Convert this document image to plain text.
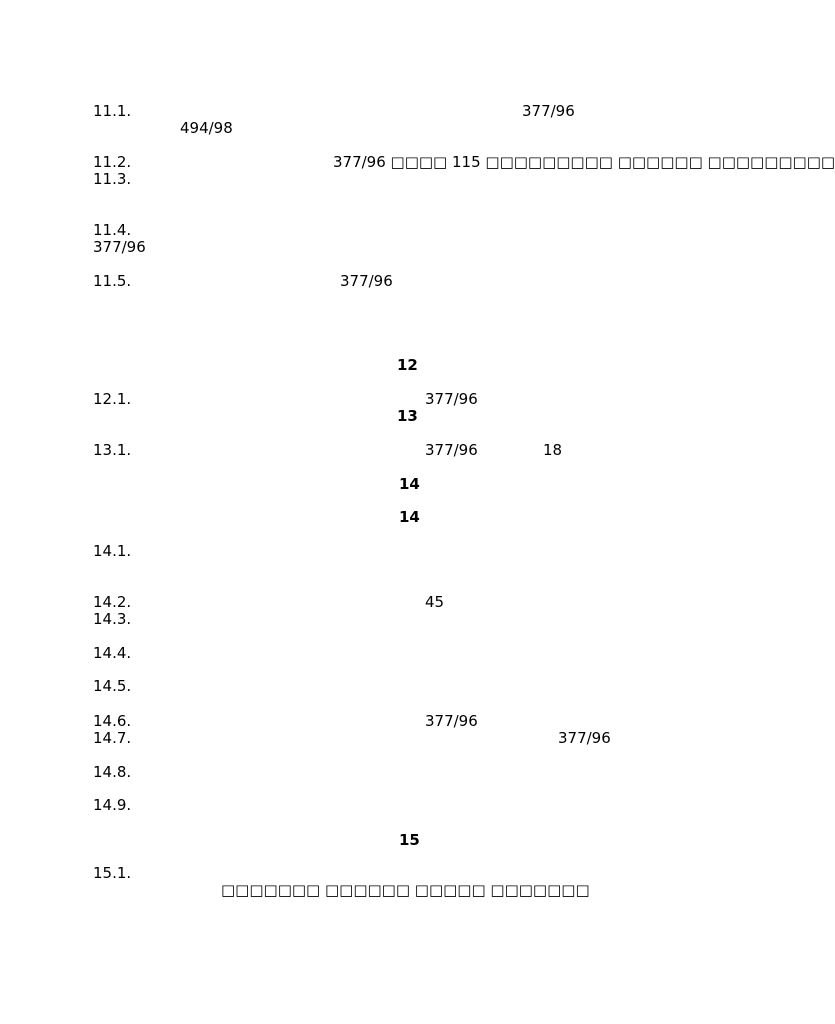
11.1.	377/96
494/98
11.2.	377/96 □□□□ 115 □□□□□□□□□ □□□□□□ □□□□□□□□□
11.3.
11.4.
377/96
11.5.	377/96
12
12.1.	377/96
13
13.1.	377/96	18
14
14
14.1.
14.2.	45
14.3.
14.4.
14.5.
14.6.	377/96
14.7.	377/96
14.8.
14.9.
15
15.1.
□□□□□□□ □□□□□□ □□□□□ □□□□□□□
